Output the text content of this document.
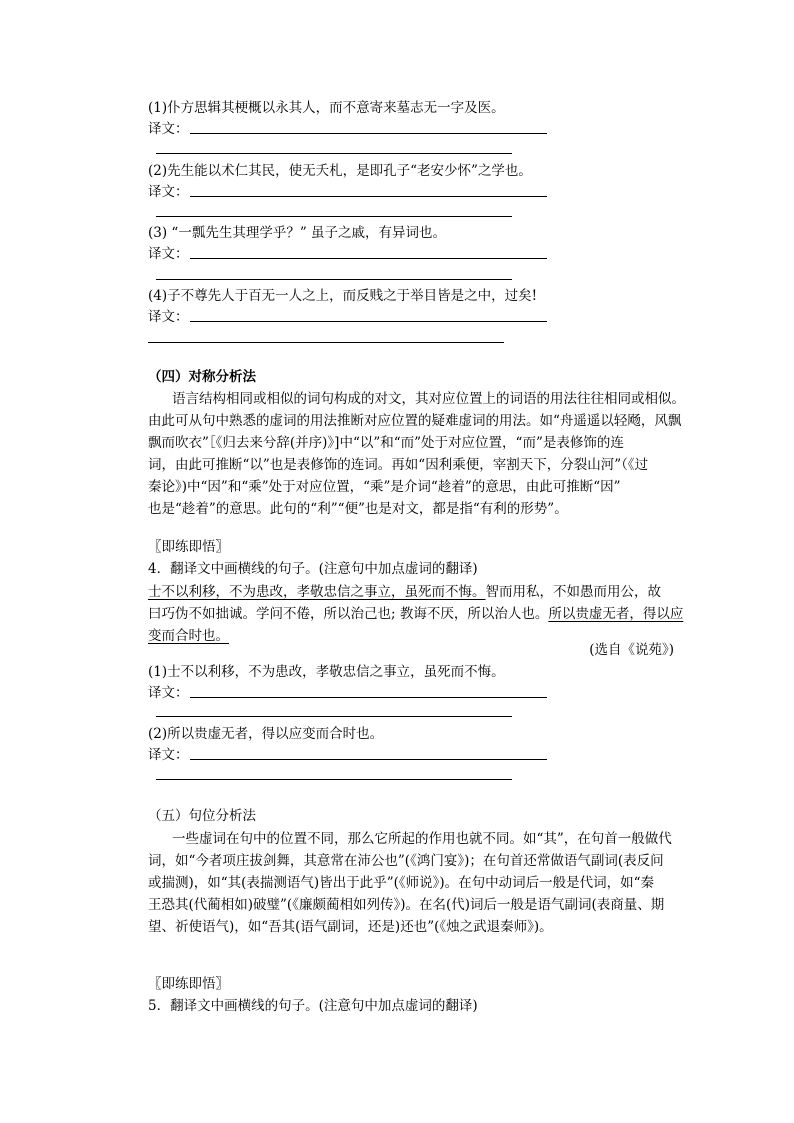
(1)仆方思辑其梗概以永其人，而不意寄来墓志无一字及医。
译文：
(2)先生能以术仁其民，使无夭札，是即孔子“老安少怀”之学也。
译文：
(3) “一瓢先生其理学乎？” 虽子之戚，有异词也。
译文：
(4)子不尊先人于百无一人之上，而反贱之于举目皆是之中，过矣!
译文：
（四）对称分析法
语言结构相同或相似的词句构成的对文，其对应位置上的词语的用法往往相同或相似。
由此可从句中熟悉的虚词的用法推断对应位置的疑难虚词的用法。如“舟遥遥以轻飏，风飘
飘而吹衣”［《归去来兮辞(并序)》]中“以”和“而”处于对应位置，“而”是表修饰的连
词，由此可推断“以”也是表修饰的连词。再如“因利乘便，宰割天下，分裂山河”（《过
秦论》)中“因”和“乘”处于对应位置，“乘”是介词“趁着”的意思，由此可推断“因”
也是“趁着”的意思。此句的“利”“便”也是对文，都是指“有利的形势”。
〖即练即悟〗
4．翻译文中画横线的句子。(注意句中加点虚词的翻译)
士不以利移，不为患改，孝敬忠信之事立，虽死而不悔。智而用私，不如愚而用公，故
曰巧伪不如拙诚。学问不倦，所以治己也; 教诲不厌，所以治人也。所以贵虚无者，得以应
变而合时也。
(选自《说苑》)
(1)士不以利移，不为患改，孝敬忠信之事立，虽死而不悔。
译文：
(2)所以贵虚无者，得以应变而合时也。
译文：
（五）句位分析法
一些虚词在句中的位置不同，那么它所起的作用也就不同。如“其”，在句首一般做代
词，如“今者项庄拔剑舞，其意常在沛公也”(《鸿门宴》)；在句首还常做语气副词(表反问
或揣测)，如“其(表揣测语气)皆出于此乎”(《师说》)。在句中动词后一般是代词，如“秦
王恐其(代蔺相如)破璧”(《廉颇蔺相如列传》)。在名(代)词后一般是语气副词(表商量、期
望、祈使语气)，如“吾其(语气副词，还是)还也”(《烛之武退秦师》)。
〖即练即悟〗
5．翻译文中画横线的句子。(注意句中加点虚词的翻译)
